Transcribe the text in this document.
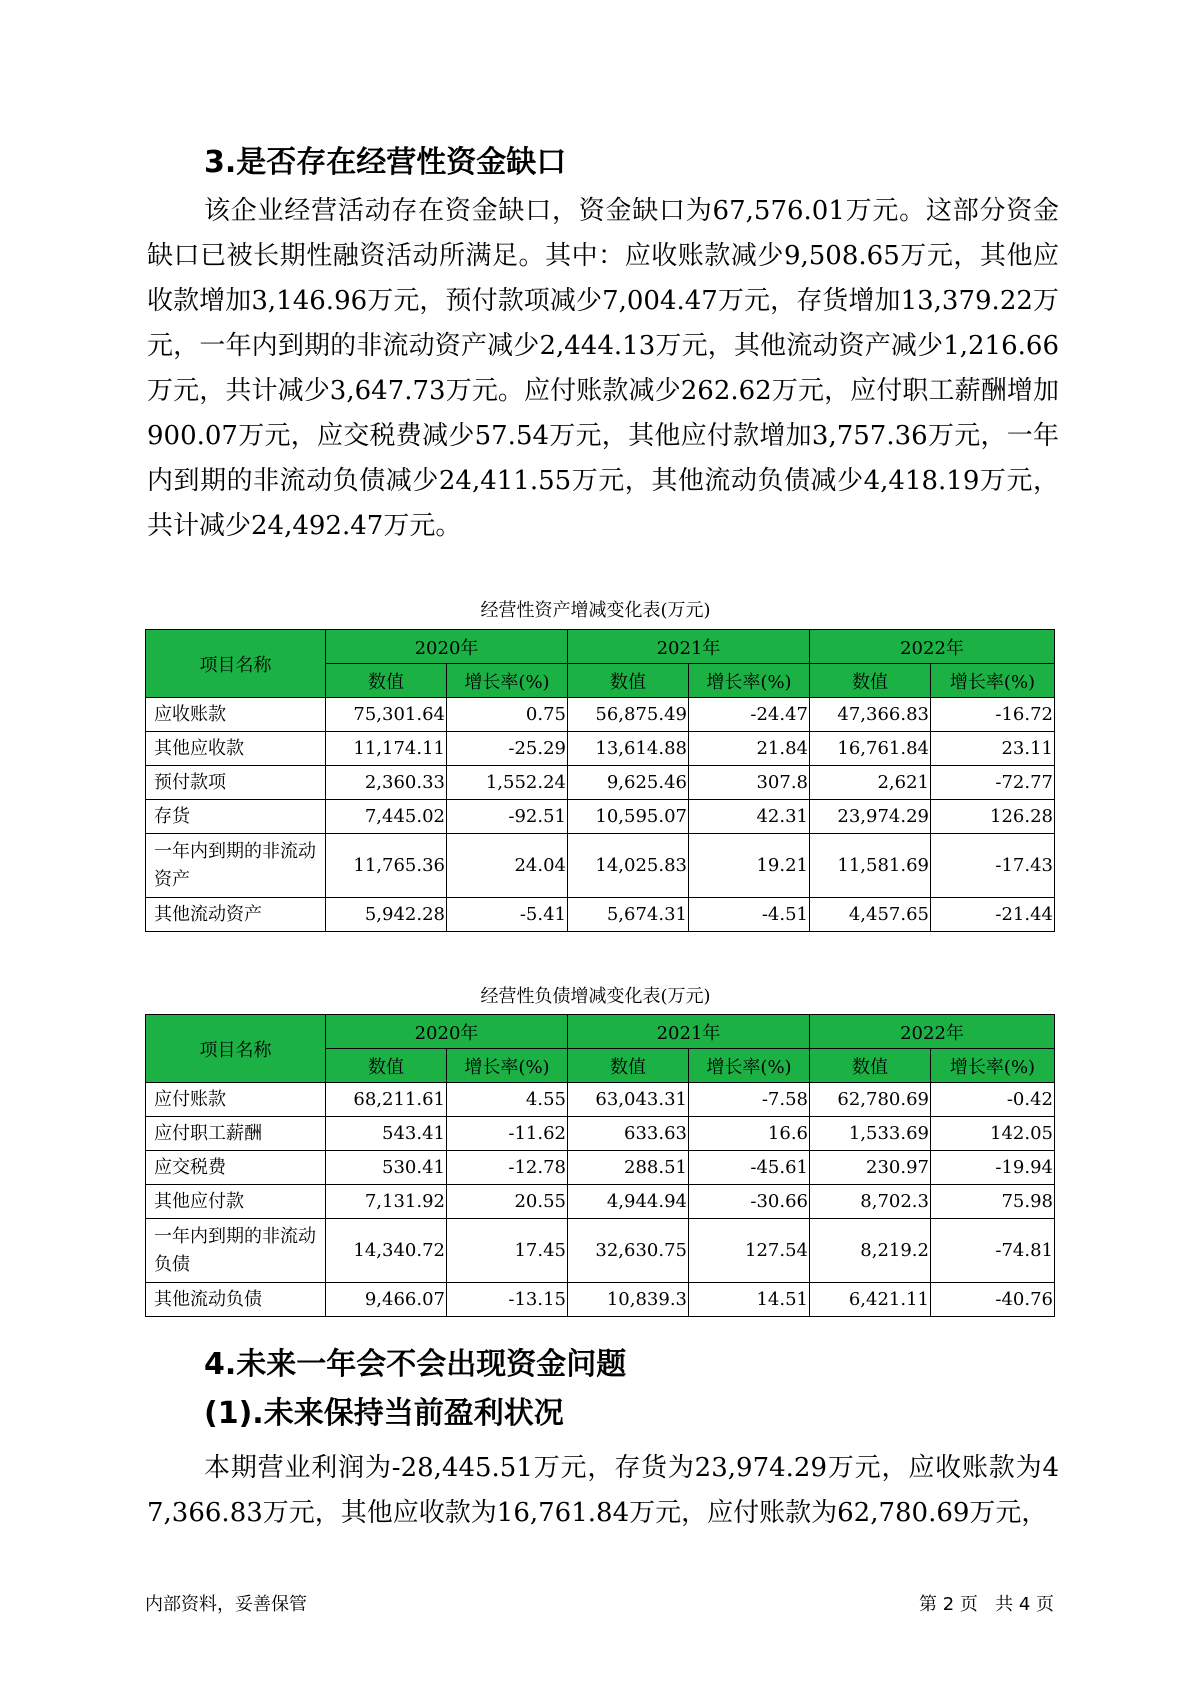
3.是否存在经营性资金缺口

该企业经营活动存在资金缺口，资金缺口为67,576.01万元。这部分资金缺口已被长期性融资活动所满足。其中：应收账款减少9,508.65万元，其他应收款增加3,146.96万元，预付款项减少7,004.47万元，存货增加13,379.22万元，一年内到期的非流动资产减少2,444.13万元，其他流动资产减少1,216.66万元，共计减少3,647.73万元。应付账款减少262.62万元，应付职工薪酬增加900.07万元，应交税费减少57.54万元，其他应付款增加3,757.36万元，一年内到期的非流动负债减少24,411.55万元，其他流动负债减少4,418.19万元，共计减少24,492.47万元。

经营性资产增减变化表(万元)

项目名称	2020年		2021年		2022年	
	数值	增长率(%)	数值	增长率(%)	数值	增长率(%)
应收账款	75,301.64	0.75	56,875.49	-24.47	47,366.83	-16.72
其他应收款	11,174.11	-25.29	13,614.88	21.84	16,761.84	23.11
预付款项	2,360.33	1,552.24	9,625.46	307.8	2,621	-72.77
存货	7,445.02	-92.51	10,595.07	42.31	23,974.29	126.28
一年内到期的非流动资产	11,765.36	24.04	14,025.83	19.21	11,581.69	-17.43
其他流动资产	5,942.28	-5.41	5,674.31	-4.51	4,457.65	-21.44

经营性负债增减变化表(万元)

项目名称	2020年		2021年		2022年	
	数值	增长率(%)	数值	增长率(%)	数值	增长率(%)
应付账款	68,211.61	4.55	63,043.31	-7.58	62,780.69	-0.42
应付职工薪酬	543.41	-11.62	633.63	16.6	1,533.69	142.05
应交税费	530.41	-12.78	288.51	-45.61	230.97	-19.94
其他应付款	7,131.92	20.55	4,944.94	-30.66	8,702.3	75.98
一年内到期的非流动负债	14,340.72	17.45	32,630.75	127.54	8,219.2	-74.81
其他流动负债	9,466.07	-13.15	10,839.3	14.51	6,421.11	-40.76
4.未来一年会不会出现资金问题
(1).未来保持当前盈利状况

本期营业利润为-28,445.51万元，存货为23,974.29万元，应收账款为47,366.83万元，其他应收款为16,761.84万元，应付账款为62,780.69万元，

内部资料，妥善保管	第 2 页   共 4 页
